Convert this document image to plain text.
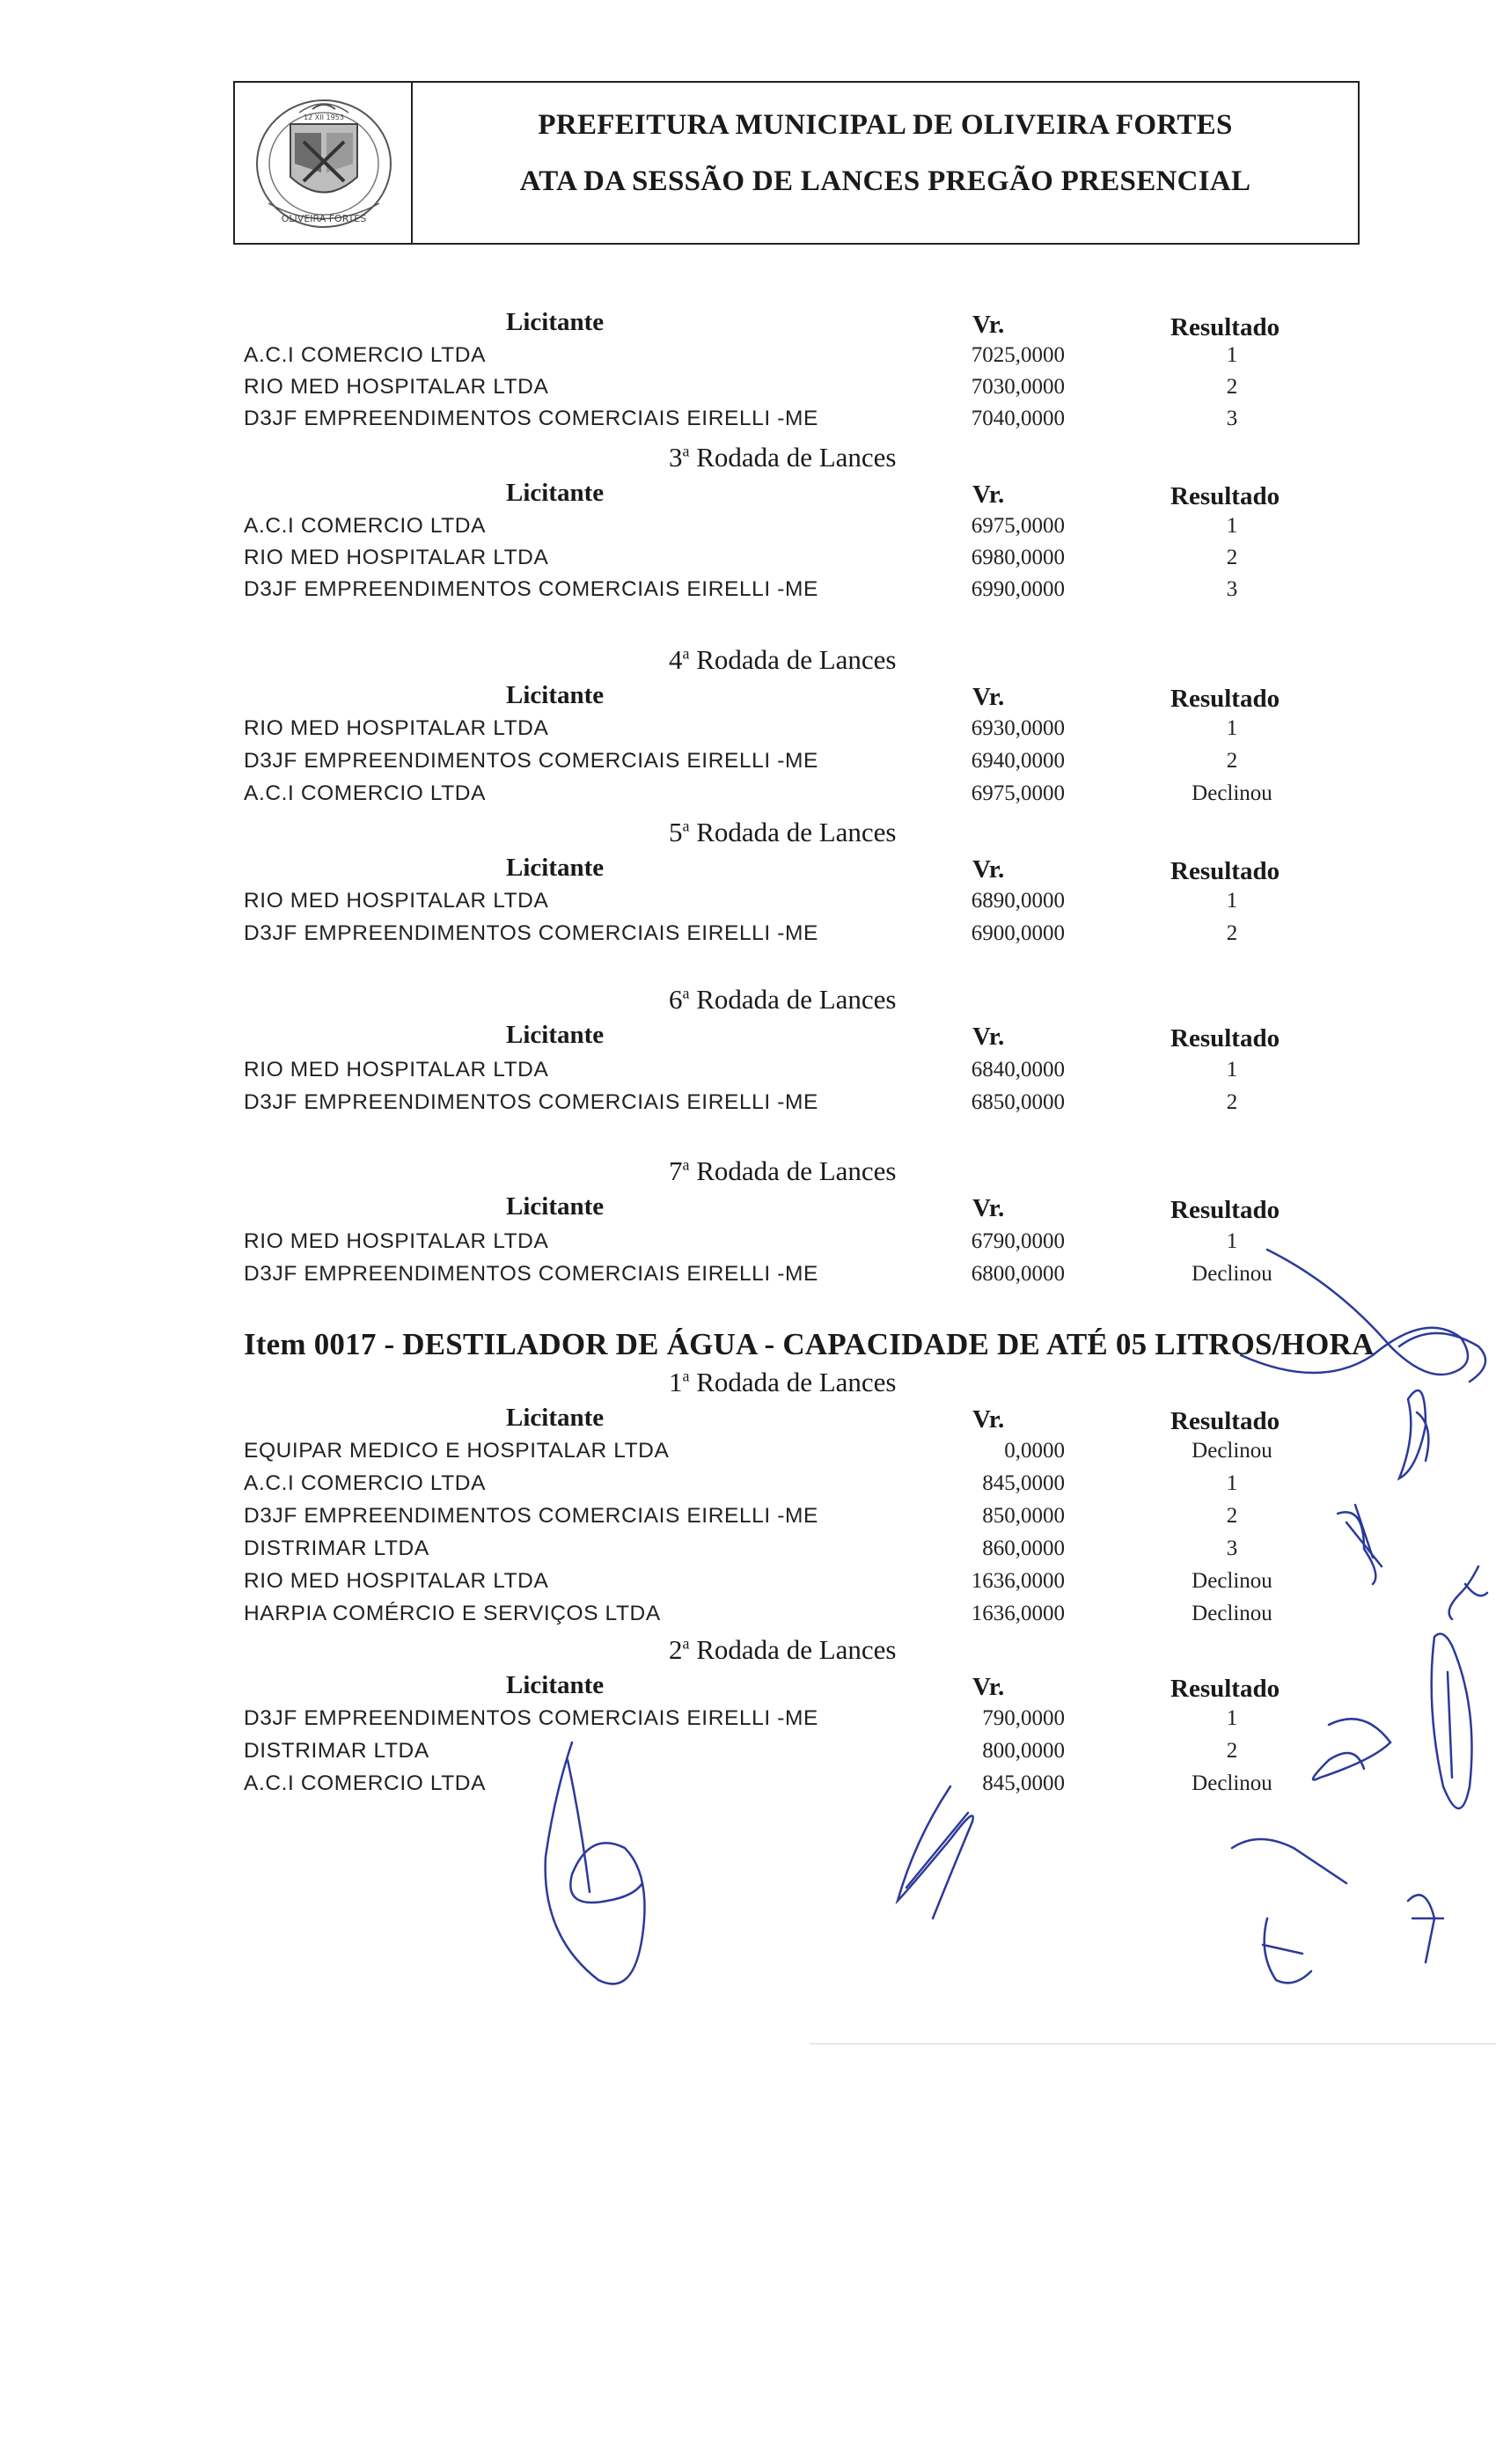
OLIVEIRA FORTES
12 XII 1953	PREFEITURA MUNICIPAL DE OLIVEIRA FORTES
ATA DA SESSÃO DE LANCES PREGÃO PRESENCIAL
Licitante	Vr.	Resultado
A.C.I COMERCIO LTDA	7025,0000	1
RIO MED HOSPITALAR LTDA	7030,0000	2
D3JF EMPREENDIMENTOS COMERCIAIS EIRELLI -ME	7040,0000	3
3$^a$ Rodada de Lances
Licitante	Vr.	Resultado
A.C.I COMERCIO LTDA	6975,0000	1
RIO MED HOSPITALAR LTDA	6980,0000	2
D3JF EMPREENDIMENTOS COMERCIAIS EIRELLI -ME	6990,0000	3
4$^a$ Rodada de Lances
Licitante	Vr.	Resultado
RIO MED HOSPITALAR LTDA	6930,0000	1
D3JF EMPREENDIMENTOS COMERCIAIS EIRELLI -ME	6940,0000	2
A.C.I COMERCIO LTDA	6975,0000	Declinou
5$^a$ Rodada de Lances
Licitante	Vr.	Resultado
RIO MED HOSPITALAR LTDA	6890,0000	1
D3JF EMPREENDIMENTOS COMERCIAIS EIRELLI -ME	6900,0000	2
6$^a$ Rodada de Lances
Licitante	Vr.	Resultado
RIO MED HOSPITALAR LTDA	6840,0000	1
D3JF EMPREENDIMENTOS COMERCIAIS EIRELLI -ME	6850,0000	2
7$^a$ Rodada de Lances
Licitante	Vr.	Resultado
RIO MED HOSPITALAR LTDA	6790,0000	1
D3JF EMPREENDIMENTOS COMERCIAIS EIRELLI -ME	6800,0000	Declinou
Item 0017 - DESTILADOR DE ÁGUA - CAPACIDADE DE ATÉ 05 LITROS/HORA
1$^a$ Rodada de Lances
Licitante	Vr.	Resultado
EQUIPAR MEDICO E HOSPITALAR LTDA	0,0000	Declinou
A.C.I COMERCIO LTDA	845,0000	1
D3JF EMPREENDIMENTOS COMERCIAIS EIRELLI -ME	850,0000	2
DISTRIMAR LTDA	860,0000	3
RIO MED HOSPITALAR LTDA	1636,0000	Declinou
HARPIA COMÉRCIO E SERVIÇOS LTDA	1636,0000	Declinou
2$^a$ Rodada de Lances
Licitante	Vr.	Resultado
D3JF EMPREENDIMENTOS COMERCIAIS EIRELLI -ME	790,0000	1
DISTRIMAR LTDA	800,0000	2
A.C.I COMERCIO LTDA	845,0000	Declinou
